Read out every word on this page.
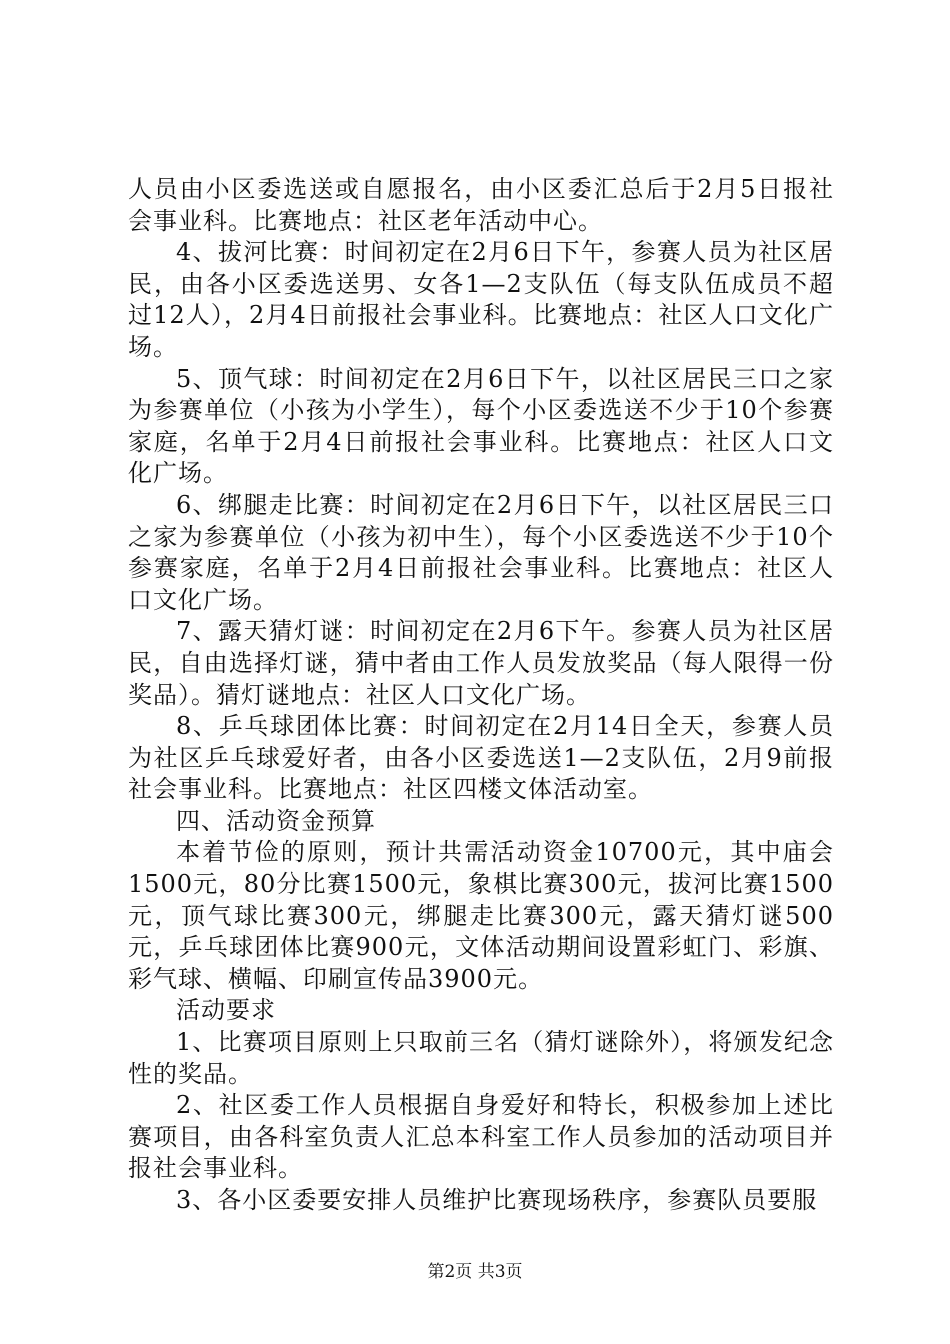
人员由小区委选送或自愿报名，由小区委汇总后于2月5日报社会事业科。比赛地点：社区老年活动中心。

4、拔河比赛：时间初定在2月6日下午，参赛人员为社区居民，由各小区委选送男、女各1—2支队伍（每支队伍成员不超过12人），2月4日前报社会事业科。比赛地点：社区人口文化广场。

5、顶气球：时间初定在2月6日下午，以社区居民三口之家为参赛单位（小孩为小学生），每个小区委选送不少于10个参赛家庭，名单于2月4日前报社会事业科。比赛地点：社区人口文化广场。

6、绑腿走比赛：时间初定在2月6日下午，以社区居民三口之家为参赛单位（小孩为初中生），每个小区委选送不少于10个参赛家庭，名单于2月4日前报社会事业科。比赛地点：社区人口文化广场。

7、露天猜灯谜：时间初定在2月6下午。参赛人员为社区居民，自由选择灯谜，猜中者由工作人员发放奖品（每人限得一份奖品）。猜灯谜地点：社区人口文化广场。

8、乒乓球团体比赛：时间初定在2月14日全天，参赛人员为社区乒乓球爱好者，由各小区委选送1—2支队伍，2月9前报社会事业科。比赛地点：社区四楼文体活动室。

四、活动资金预算

本着节俭的原则，预计共需活动资金10700元，其中庙会1500元，80分比赛1500元，象棋比赛300元，拔河比赛1500元，顶气球比赛300元，绑腿走比赛300元，露天猜灯谜500元，乒乓球团体比赛900元，文体活动期间设置彩虹门、彩旗、彩气球、横幅、印刷宣传品3900元。

活动要求

1、比赛项目原则上只取前三名（猜灯谜除外），将颁发纪念性的奖品。

2、社区委工作人员根据自身爱好和特长，积极参加上述比赛项目，由各科室负责人汇总本科室工作人员参加的活动项目并报社会事业科。

3、各小区委要安排人员维护比赛现场秩序，参赛队员要服

第2页 共3页
